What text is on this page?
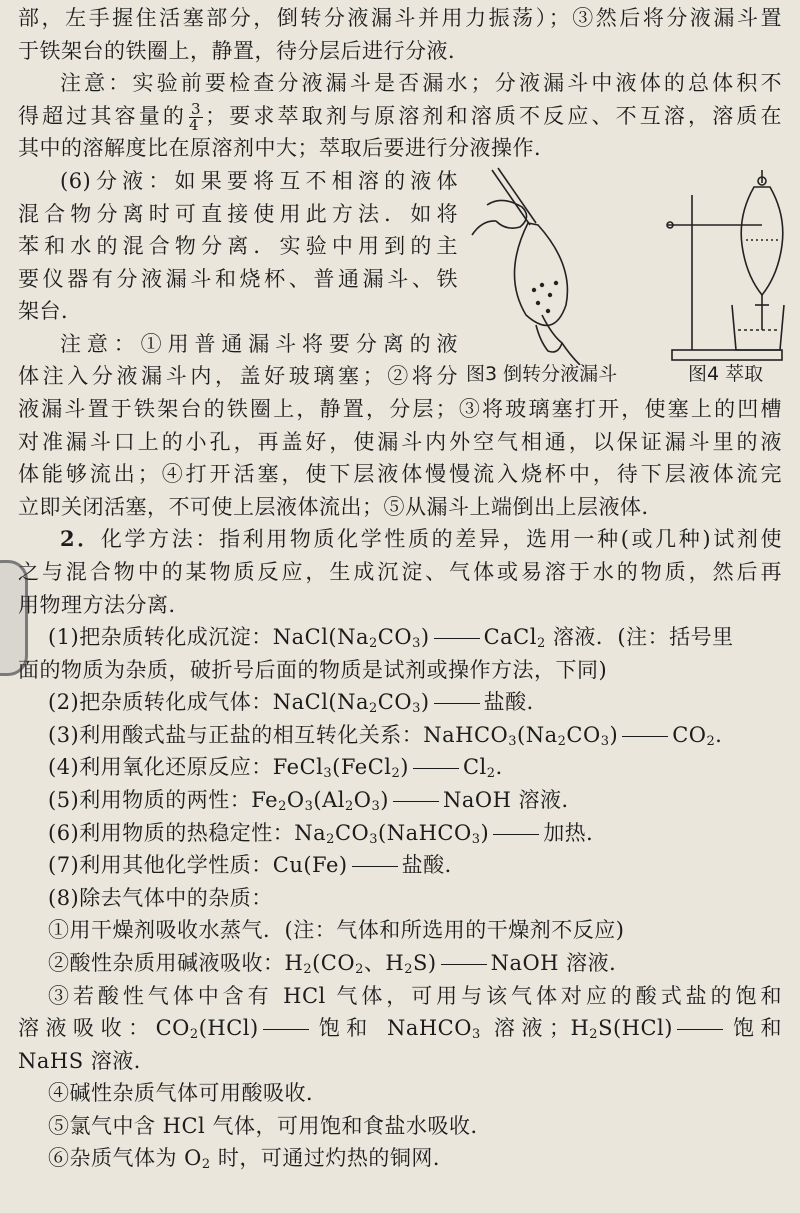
部，左手握住活塞部分，倒转分液漏斗并用力振荡）；③然后将分液漏斗置
于铁架台的铁圈上，静置，待分层后进行分液．
注意：实验前要检查分液漏斗是否漏水；分液漏斗中液体的总体积不
得超过其容量的 $\frac{3}{4}$ ；要求萃取剂与原溶剂和溶质不反应、不互溶，溶质在
其中的溶解度比在原溶剂中大；萃取后要进行分液操作．
(6)分液：如果要将互不相溶的液体
混合物分离时可直接使用此方法．如将
苯和水的混合物分离．实验中用到的主
要仪器有分液漏斗和烧杯、普通漏斗、铁
架台．
注意：①用普通漏斗将要分离的液
体注入分液漏斗内，盖好玻璃塞；②将分 图3 倒转分液漏斗	图4 萃取
液漏斗置于铁架台的铁圈上，静置，分层；③将玻璃塞打开，使塞上的凹槽
对准漏斗口上的小孔，再盖好，使漏斗内外空气相通，以保证漏斗里的液
体能够流出；④打开活塞，使下层液体慢慢流入烧杯中，待下层液体流完
立即关闭活塞，不可使上层液体流出；⑤从漏斗上端倒出上层液体．
2．化学方法：指利用物质化学性质的差异，选用一种(或几种)试剂使
之与混合物中的某物质反应，生成沉淀、气体或易溶于水的物质，然后再
用物理方法分离．
(1)把杂质转化成沉淀：$NaCl(Na_2CO_3)$	CaCl$_2$ 溶液．(注：括号里
面的物质为杂质，破折号后面的物质是试剂或操作方法，下同)
(2)把杂质转化成气体：$NaCl(Na_2CO_3)$	盐酸．
(3)利用酸式盐与正盐的相互转化关系：$NaHCO_3(Na_2CO_3)$	$CO_2$．
(4)利用氧化还原反应：FeCl$_3$(FeCl$_2$)	$Cl_2$．
(5)利用物质的两性：$Fe_2O_3(Al_2O_3)$	NaOH 溶液．
(6)利用物质的热稳定性：$Na_2CO_3(NaHCO_3)$	加热．
(7)利用其他化学性质：Cu(Fe)	盐酸．
(8)除去气体中的杂质：
①用干燥剂吸收水蒸气．(注：气体和所选用的干燥剂不反应)
②酸性杂质用碱液吸收：$H_2(CO_2$、$H_2S$)	NaOH 溶液．
③若酸性气体中含有 HCl 气体，可用与该气体对应的酸式盐的饱和
溶液吸收：$CO_2(HCl)$	饱和 NaHCO$_3$ 溶液；$H_2S(HCl)$	饱和
NaHS 溶液．
④碱性杂质气体可用酸吸收．
⑤氯气中含 HCl 气体，可用饱和食盐水吸收．
⑥杂质气体为 $O_2$ 时，可通过灼热的铜网．
